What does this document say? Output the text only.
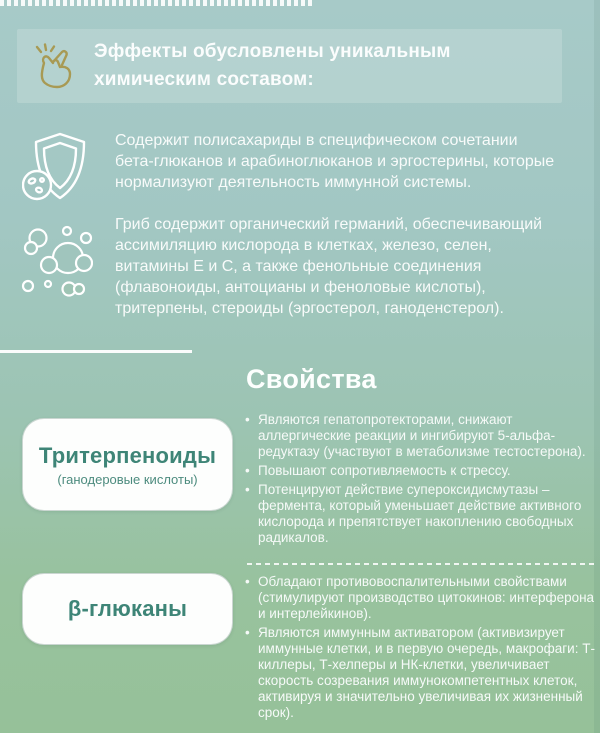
Эффекты обусловлены уникальным химическим составом:
Содержит полисахариды в специфическом сочетании бета-глюканов и арабиноглюканов и эргостерины, которые нормализуют деятельность иммунной системы.
Гриб содержит органический германий, обеспечивающий ассимиляцию кислорода в клетках, железо, селен, витамины Е и С, а также фенольные соединения (флавоноиды, антоцианы и феноловые кислоты), тритерпены, стероиды (эргостерол, ганоденстерол).
Свойства
Тритерпеноиды
(ганодеровые кислоты)
• Являются гепатопротекторами, снижают аллергические реакции и ингибируют 5-альфа-редуктазу (участвуют в метаболизме тестостерона).
• Повышают сопротивляемость к стрессу.
• Потенцируют действие супероксидисмутазы – фермента, который уменьшает действие активного кислорода и препятствует накоплению свободных радикалов.
β-глюканы
• Обладают противовоспалительными свойствами (стимулируют производство цитокинов: интерферона и интерлейкинов).
• Являются иммунным активатором (активизирует иммунные клетки, и в первую очередь, макрофаги: Т-киллеры, Т-хелперы и НК-клетки, увеличивает скорость созревания иммунокомпетентных клеток, активируя и значительно увеличивая их жизненный срок).
